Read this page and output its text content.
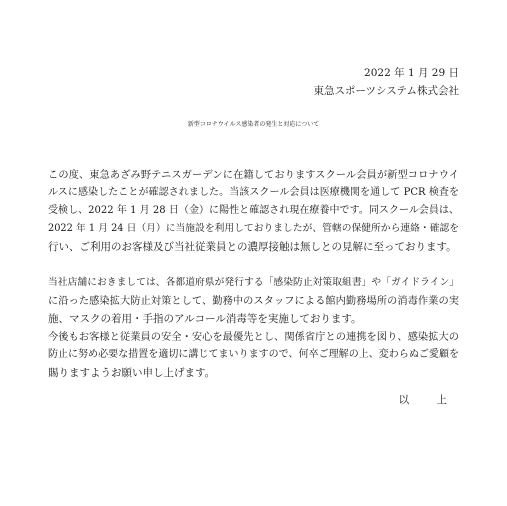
2022 年 1 月 29 日
東急スポーツシステム株式会社
新型コロナウイルス感染者の発生と対応について
この度、東急あざみ野テニスガーデンに在籍しておりますスクール会員が新型コロナウイ
ルスに感染したことが確認されました。当該スクール会員は医療機関を通して PCR 検査を
受検し、2022 年 1 月 28 日（金）に陽性と確認され現在療養中です。同スクール会員は、
2022 年 1 月 24 日（月）に当施設を利用しておりましたが、管轄の保健所から連絡・確認を
行い、ご利用のお客様及び当社従業員との濃厚接触は無しとの見解に至っております。
当社店舗におきましては、各都道府県が発行する「感染防止対策取組書」や「ガイドライン」
に沿った感染拡大防止対策として、勤務中のスタッフによる館内勤務場所の消毒作業の実
施、マスクの着用・手指のアルコール消毒等を実施しております。
今後もお客様と従業員の安全・安心を最優先とし、関係省庁との連携を図り、感染拡大の
防止に努め必要な措置を適切に講じてまいりますので、何卒ご理解の上、変わらぬご愛顧を
賜りますようお願い申し上げます。
以 上
